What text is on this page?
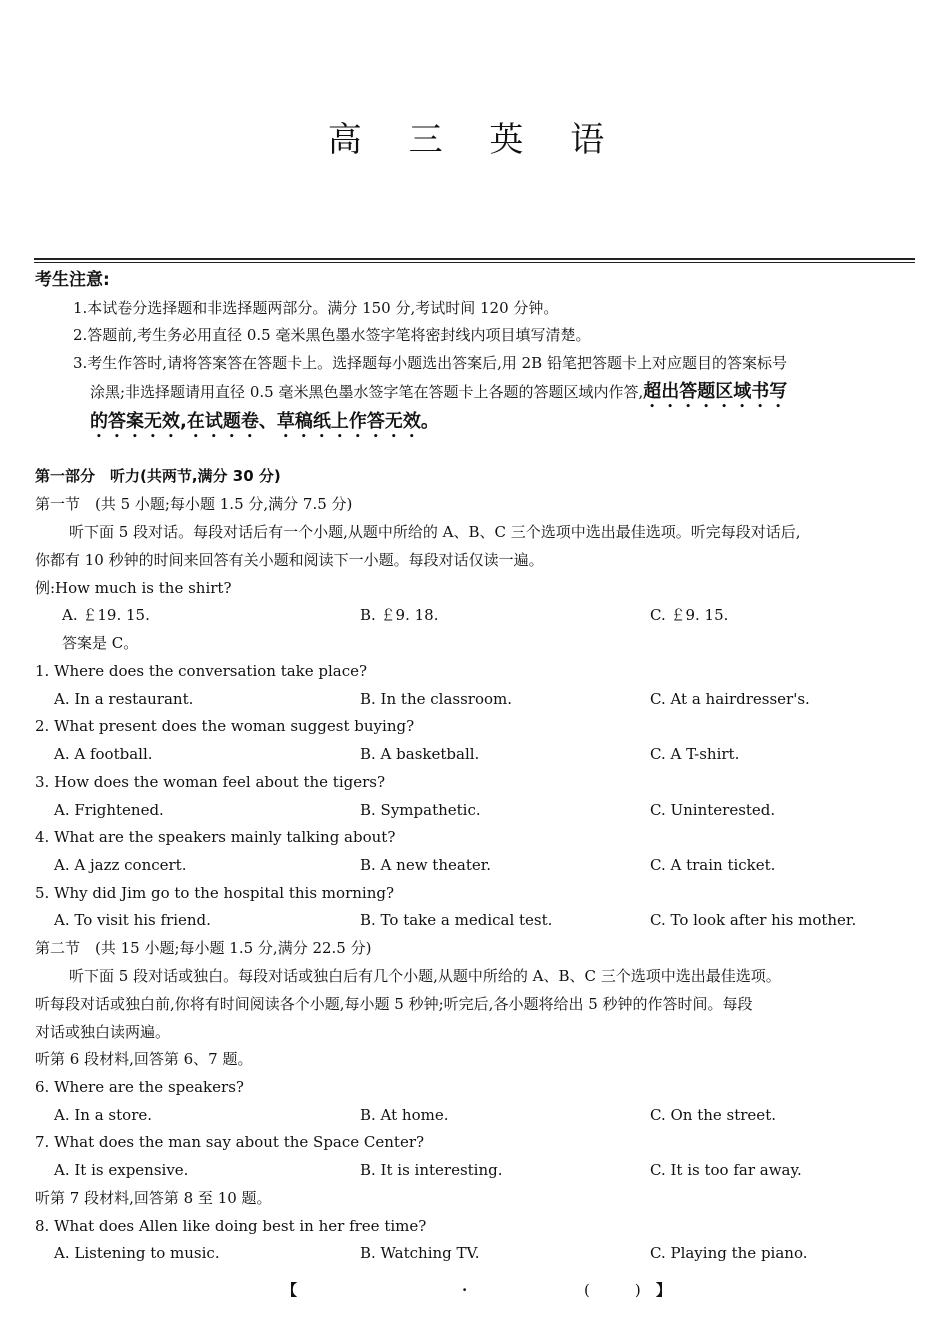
高 三 英 语
考生注意:
1.本试卷分选择题和非选择题两部分。满分 150 分,考试时间 120 分钟。
2.答题前,考生务必用直径 0.5 毫米黑色墨水签字笔将密封线内项目填写清楚。
3.考生作答时,请将答案答在答题卡上。选择题每小题选出答案后,用 2B 铅笔把答题卡上对应题目的答案标号
涂黑;非选择题请用直径 0.5 毫米黑色墨水签字笔在答题卡上各题的答题区域内作答,超出答题区域书写
的答案无效,在试题卷、草稿纸上作答无效。
第一部分　听力(共两节,满分 30 分)
第一节　(共 5 小题;每小题 1.5 分,满分 7.5 分)
听下面 5 段对话。每段对话后有一个小题,从题中所给的 A、B、C 三个选项中选出最佳选项。听完每段对话后,
你都有 10 秒钟的时间来回答有关小题和阅读下一小题。每段对话仅读一遍。
例:How much is the shirt?
A. ￡19. 15.	B. ￡9. 18.	C. ￡9. 15.
答案是 C。
1. Where does the conversation take place?
A. In a restaurant.	B. In the classroom.	C. At a hairdresser's.
2. What present does the woman suggest buying?
A. A football.	B. A basketball.	C. A T-shirt.
3. How does the woman feel about the tigers?
A. Frightened.	B. Sympathetic.	C. Uninterested.
4. What are the speakers mainly talking about?
A. A jazz concert.	B. A new theater.	C. A train ticket.
5. Why did Jim go to the hospital this morning?
A. To visit his friend.	B. To take a medical test.	C. To look after his mother.
第二节　(共 15 小题;每小题 1.5 分,满分 22.5 分)
听下面 5 段对话或独白。每段对话或独白后有几个小题,从题中所给的 A、B、C 三个选项中选出最佳选项。
听每段对话或独白前,你将有时间阅读各个小题,每小题 5 秒钟;听完后,各小题将给出 5 秒钟的作答时间。每段
对话或独白读两遍。
听第 6 段材料,回答第 6、7 题。
6. Where are the speakers?
A. In a store.	B. At home.	C. On the street.
7. What does the man say about the Space Center?
A. It is expensive.	B. It is interesting.	C. It is too far away.
听第 7 段材料,回答第 8 至 10 题。
8. What does Allen like doing best in her free time?
A. Listening to music.	B. Watching TV.	C. Playing the piano.
【	·	(　　　) 】
